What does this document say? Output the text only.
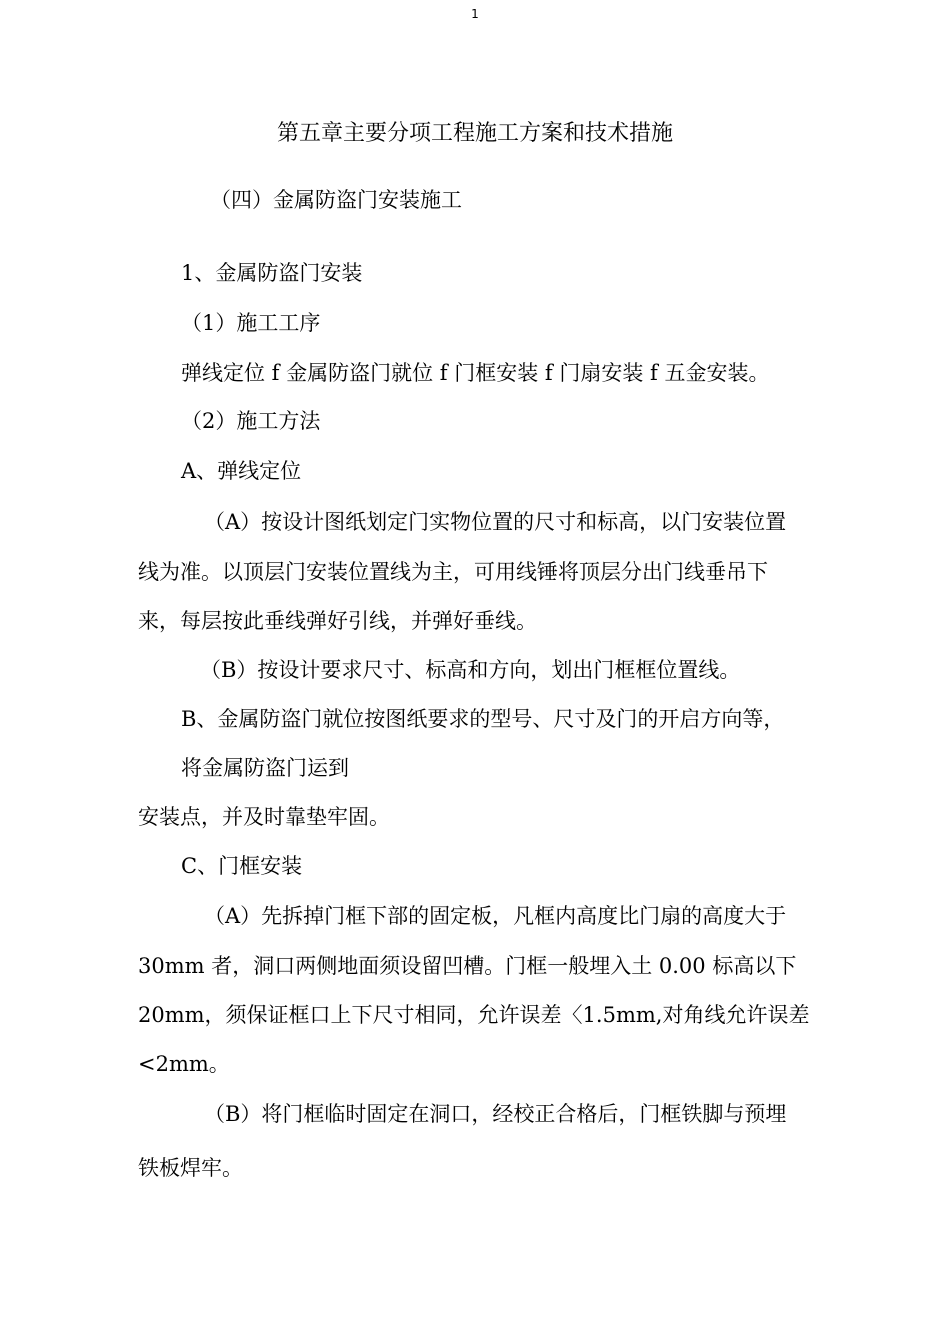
1
第五章主要分项工程施工方案和技术措施
（四）金属防盗门安装施工
1、金属防盗门安装
（1）施工工序
弹线定位 f 金属防盗门就位 f 门框安装 f 门扇安装 f 五金安装。
（2）施工方法
A、弹线定位
（A）按设计图纸划定门实物位置的尺寸和标高，以门安装位置
线为准。以顶层门安装位置线为主，可用线锤将顶层分出门线垂吊下
来，每层按此垂线弹好引线，并弹好垂线。
（B）按设计要求尺寸、标高和方向，划出门框框位置线。
B、金属防盗门就位按图纸要求的型号、尺寸及门的开启方向等，
将金属防盗门运到
安装点，并及时靠垫牢固。
C、门框安装
（A）先拆掉门框下部的固定板，凡框内高度比门扇的高度大于
30mm 者，洞口两侧地面须设留凹槽。门框一般埋入土 0.00 标高以下
20mm，须保证框口上下尺寸相同，允许误差〈1.5mm,对角线允许误差
<2mm。
（B）将门框临时固定在洞口，经校正合格后，门框铁脚与预埋
铁板焊牢。
